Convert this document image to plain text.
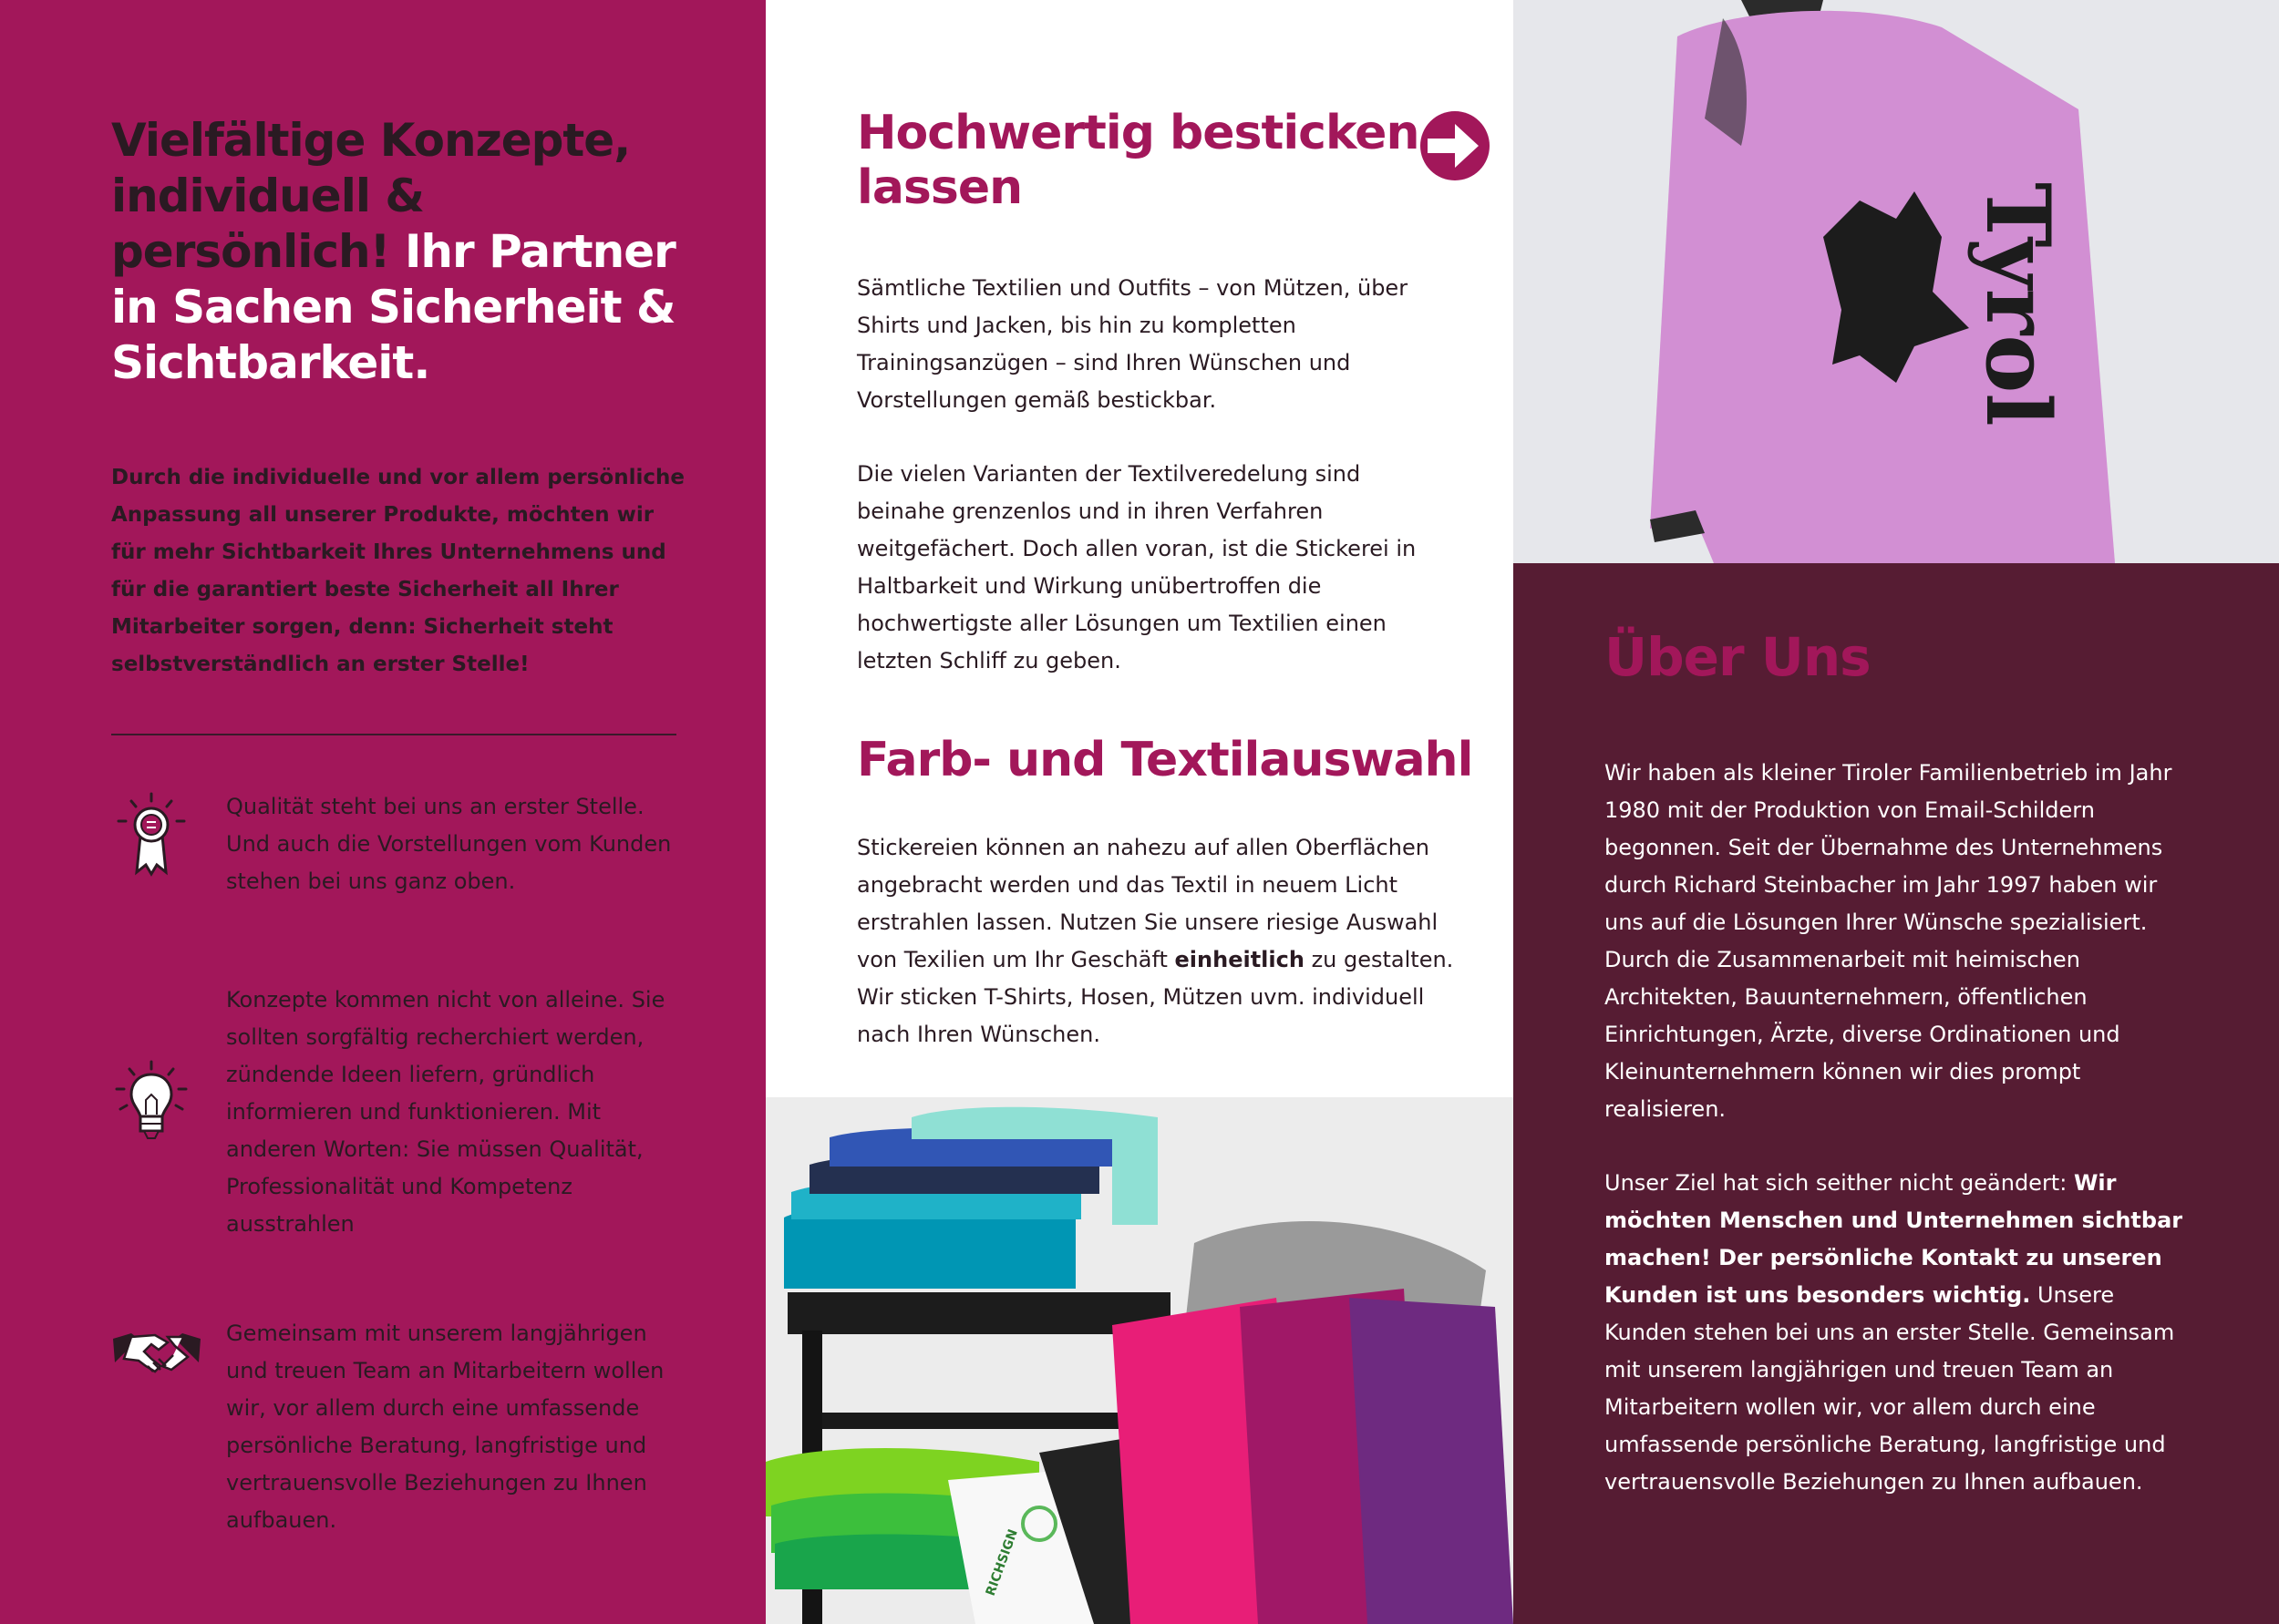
Vielfältige Konzepte, individuell & persönlich! Ihr Partner in Sachen Sicherheit & Sichtbarkeit.

Durch die individuelle und vor allem persönliche Anpassung all unserer Produkte, möchten wir für mehr Sichtbarkeit Ihres Unternehmens und für die garantiert beste Sicherheit all Ihrer Mitarbeiter sorgen, denn: Sicherheit steht selbstverständlich an erster Stelle!

Qualität steht bei uns an erster Stelle. Und auch die Vorstellungen vom Kunden stehen bei uns ganz oben.

Konzepte kommen nicht von alleine. Sie sollten sorgfältig recherchiert werden, zündende Ideen liefern, gründlich informieren und funktionieren. Mit anderen Worten: Sie müssen Qualität, Professionalität und Kompetenz ausstrahlen

Gemeinsam mit unserem langjährigen und treuen Team an Mitarbeitern wollen wir, vor allem durch eine umfassende persönliche Beratung, langfristige und vertrauensvolle Beziehungen zu Ihnen aufbauen.

Hochwertig besticken lassen

Sämtliche Textilien und Outfits – von Mützen, über Shirts und Jacken, bis hin zu kompletten Trainingsanzügen – sind Ihren Wünschen und Vorstellungen gemäß bestickbar.

Die vielen Varianten der Textilveredelung sind beinahe grenzenlos und in ihren Verfahren weitgefächert. Doch allen voran, ist die Stickerei in Haltbarkeit und Wirkung unübertroffen die hochwertigste aller Lösungen um Textilien einen letzten Schliff zu geben.

Farb- und Textilauswahl

Stickereien können an nahezu auf allen Oberflächen angebracht werden und das Textil in neuem Licht erstrahlen lassen. Nutzen Sie unsere riesige Auswahl von Texilien um Ihr Geschäft einheitlich zu gestalten. Wir sticken T-Shirts, Hosen, Mützen uvm. individuell nach Ihren Wünschen.

RICHSIGN
Tyrol
Über Uns

Wir haben als kleiner Tiroler Familienbetrieb im Jahr 1980 mit der Produktion von Email-Schildern begonnen. Seit der Übernahme des Unternehmens durch Richard Steinbacher im Jahr 1997 haben wir uns auf die Lösungen Ihrer Wünsche spezialisiert. Durch die Zusammenarbeit mit heimischen Architekten, Bauunternehmern, öffentlichen Einrichtungen, Ärzte, diverse Ordinationen und Kleinunternehmern können wir dies prompt realisieren.

Unser Ziel hat sich seither nicht geändert: Wir möchten Menschen und Unternehmen sichtbar machen! Der persönliche Kontakt zu unseren Kunden ist uns besonders wichtig. Unsere Kunden stehen bei uns an erster Stelle. Gemeinsam mit unserem langjährigen und treuen Team an Mitarbeitern wollen wir, vor allem durch eine umfassende persönliche Beratung, langfristige und vertrauensvolle Beziehungen zu Ihnen aufbauen.
